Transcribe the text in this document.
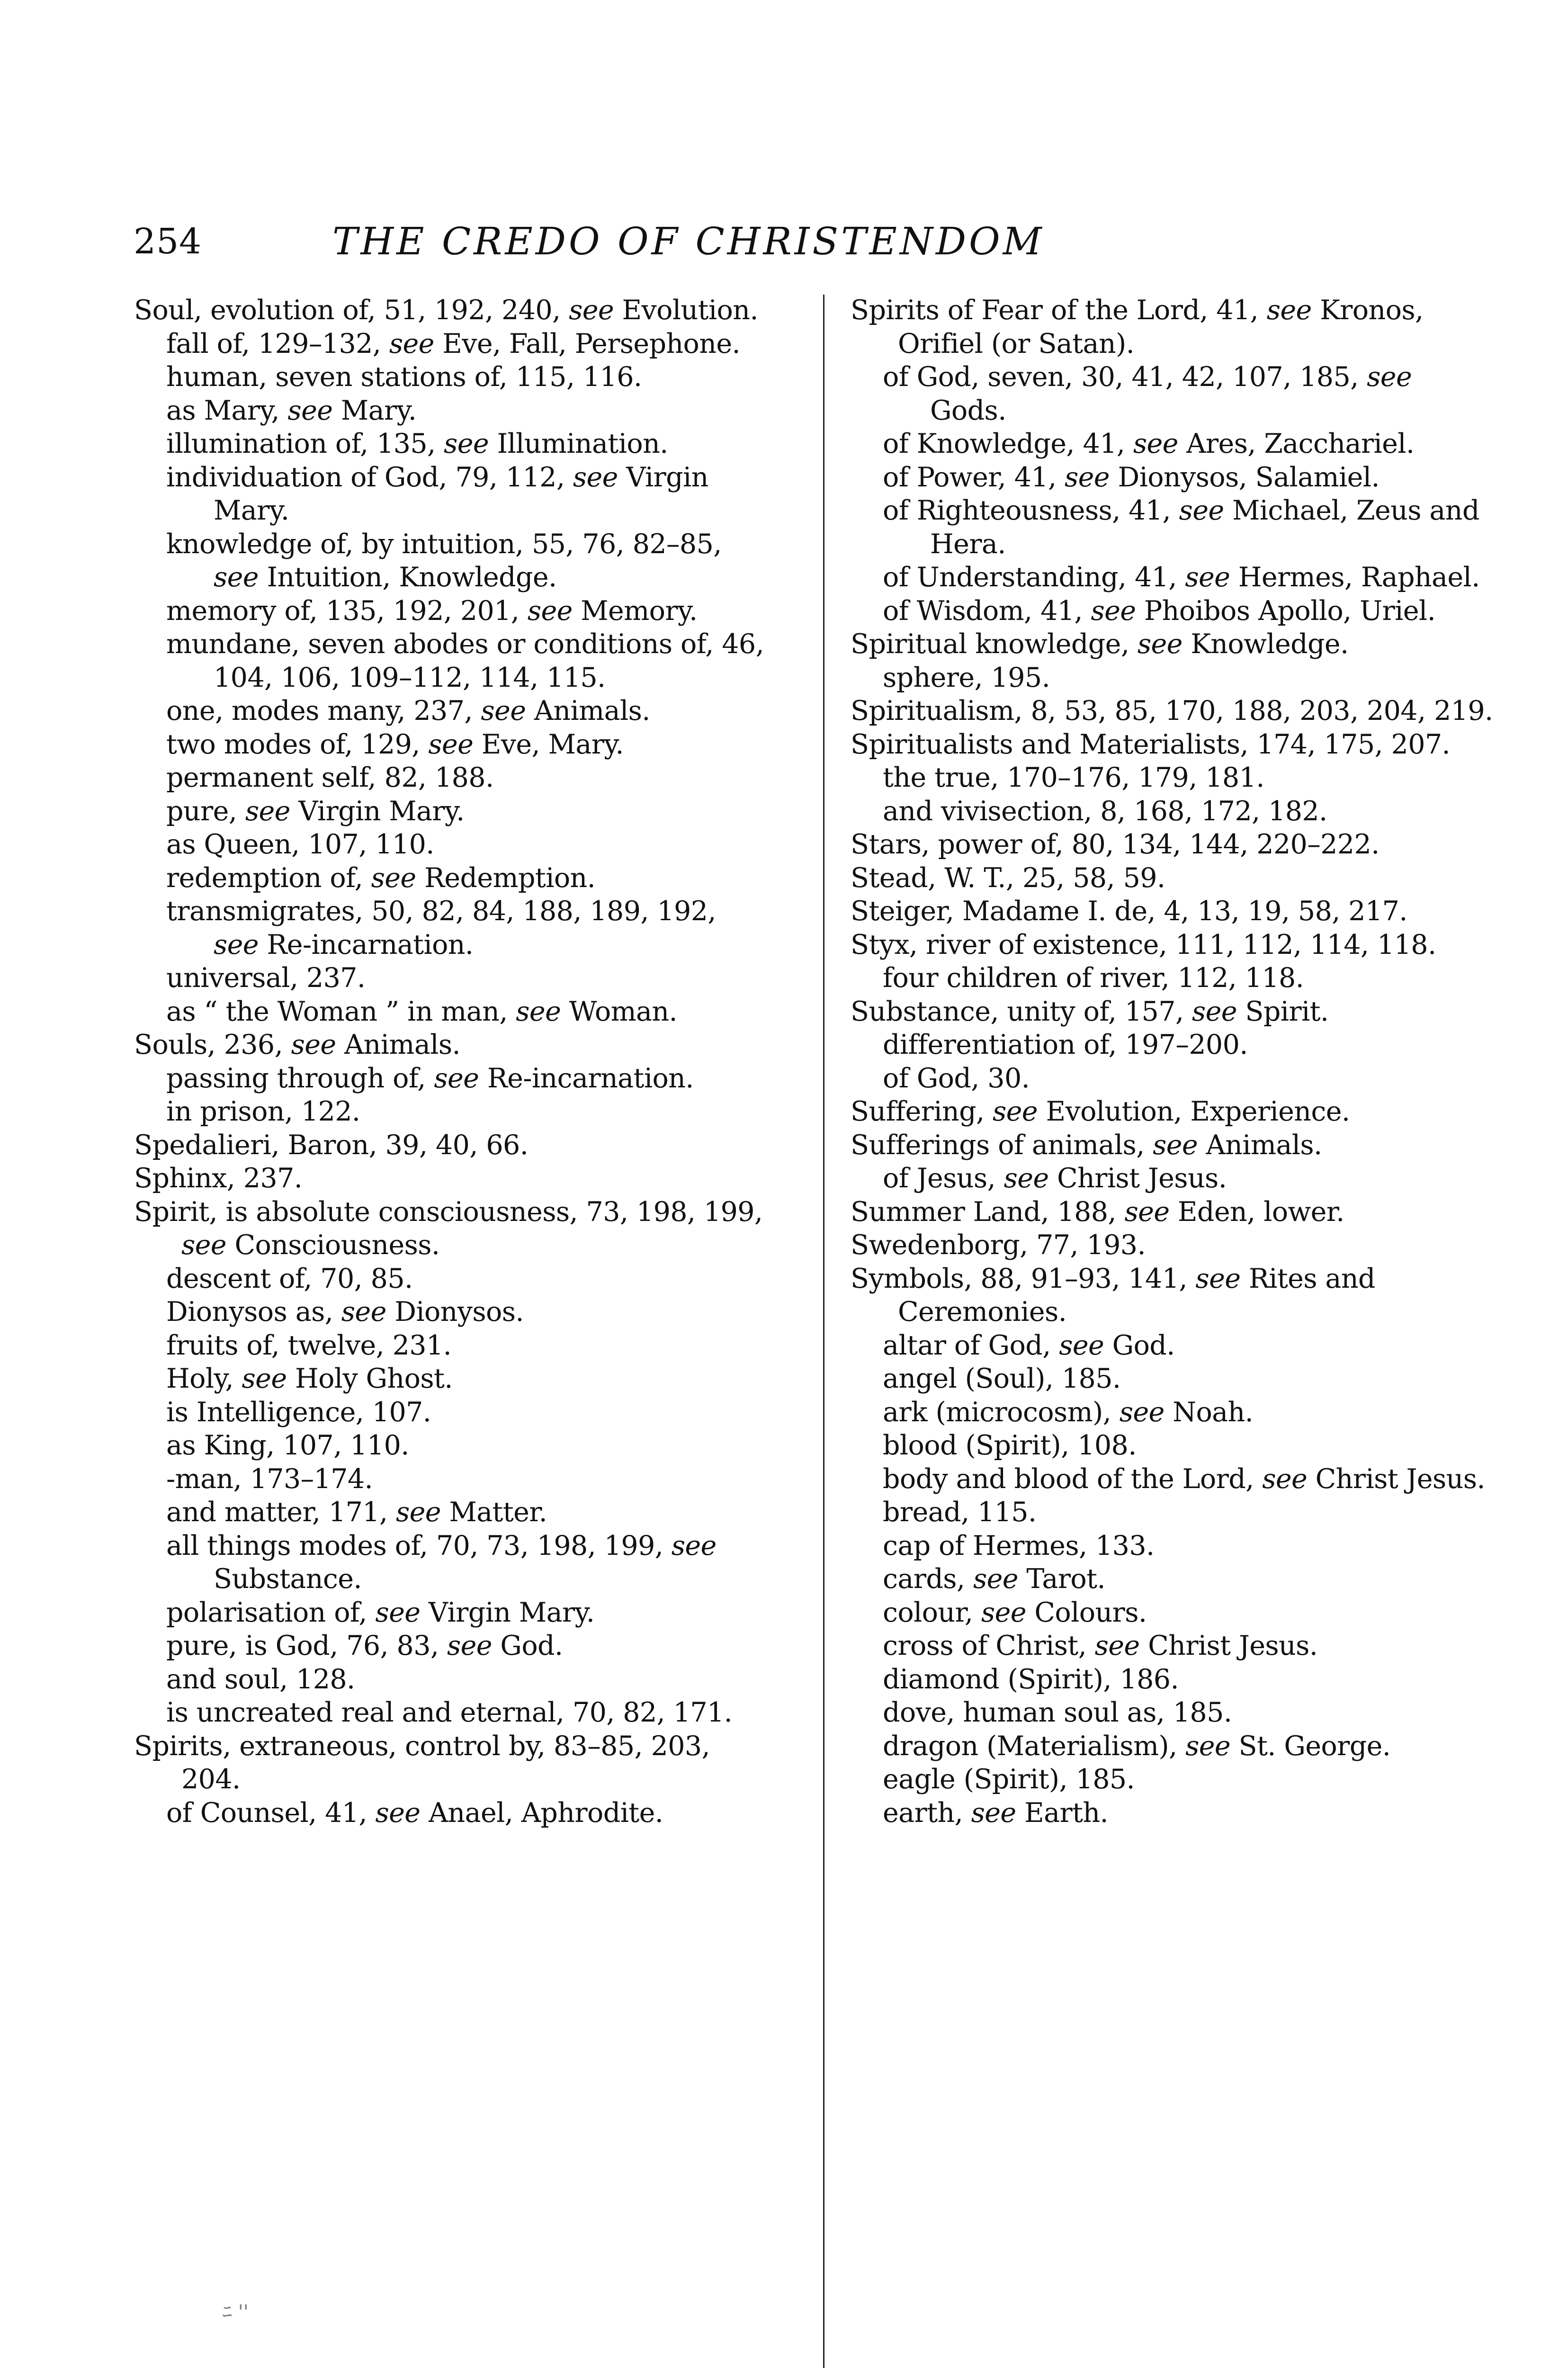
254	THE CREDO OF CHRISTENDOM
Soul, evolution of, 51, 192, 240, see Evolution.
fall of, 129–132, see Eve, Fall, Persephone.
human, seven stations of, 115, 116.
as Mary, see Mary.
illumination of, 135, see Illumination.
individuation of God, 79, 112, see Virgin Mary.
knowledge of, by intuition, 55, 76, 82–85, see Intuition, Knowledge.
memory of, 135, 192, 201, see Memory.
mundane, seven abodes or conditions of, 46, 104, 106, 109–112, 114, 115.
one, modes many, 237, see Animals.
two modes of, 129, see Eve, Mary.
permanent self, 82, 188.
pure, see Virgin Mary.
as Queen, 107, 110.
redemption of, see Redemption.
transmigrates, 50, 82, 84, 188, 189, 192, see Re-incarnation.
universal, 237.
as “ the Woman ” in man, see Woman.
Souls, 236, see Animals.
passing through of, see Re-incarnation.
in prison, 122.
Spedalieri, Baron, 39, 40, 66.
Sphinx, 237.
Spirit, is absolute consciousness, 73, 198, 199, see Consciousness.
descent of, 70, 85.
Dionysos as, see Dionysos.
fruits of, twelve, 231.
Holy, see Holy Ghost.
is Intelligence, 107.
as King, 107, 110.
-man, 173–174.
and matter, 171, see Matter.
all things modes of, 70, 73, 198, 199, see Substance.
polarisation of, see Virgin Mary.
pure, is God, 76, 83, see God.
and soul, 128.
is uncreated real and eternal, 70, 82, 171.
Spirits, extraneous, control by, 83–85, 203, 204.
of Counsel, 41, see Anael, Aphrodite.
Spirits of Fear of the Lord, 41, see Kronos, Orifiel (or Satan).
of God, seven, 30, 41, 42, 107, 185, see Gods.
of Knowledge, 41, see Ares, Zacchariel.
of Power, 41, see Dionysos, Salamiel.
of Righteousness, 41, see Michael, Zeus and Hera.
of Understanding, 41, see Hermes, Raphael.
of Wisdom, 41, see Phoibos Apollo, Uriel.
Spiritual knowledge, see Knowledge.
sphere, 195.
Spiritualism, 8, 53, 85, 170, 188, 203, 204, 219.
Spiritualists and Materialists, 174, 175, 207.
the true, 170–176, 179, 181.
and vivisection, 8, 168, 172, 182.
Stars, power of, 80, 134, 144, 220–222.
Stead, W. T., 25, 58, 59.
Steiger, Madame I. de, 4, 13, 19, 58, 217.
Styx, river of existence, 111, 112, 114, 118.
four children of river, 112, 118.
Substance, unity of, 157, see Spirit.
differentiation of, 197–200.
of God, 30.
Suffering, see Evolution, Experience.
Sufferings of animals, see Animals.
of Jesus, see Christ Jesus.
Summer Land, 188, see Eden, lower.
Swedenborg, 77, 193.
Symbols, 88, 91–93, 141, see Rites and Ceremonies.
altar of God, see God.
angel (Soul), 185.
ark (microcosm), see Noah.
blood (Spirit), 108.
body and blood of the Lord, see Christ Jesus.
bread, 115.
cap of Hermes, 133.
cards, see Tarot.
colour, see Colours.
cross of Christ, see Christ Jesus.
diamond (Spirit), 186.
dove, human soul as, 185.
dragon (Materialism), see St. George.
eagle (Spirit), 185.
earth, see Earth.
ﾆ ''
